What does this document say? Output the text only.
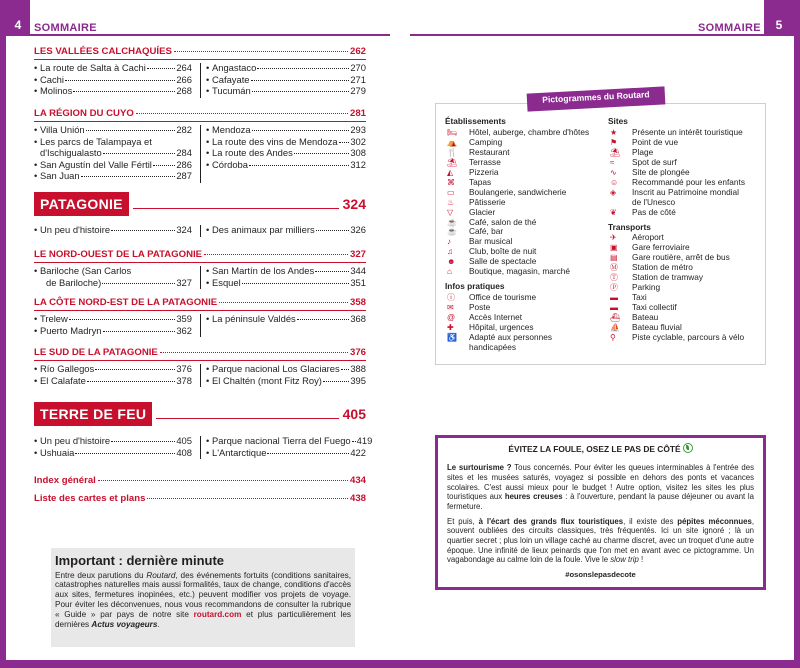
4	SOMMAIRE	SOMMAIRE	5
LES VALLÉES CALCHAQUÍES	262
• La route de Salta à Cachi	264
• Cachi	266
• Molinos	268
• Angastaco	270
• Cafayate	271
• Tucumán	279
LA RÉGION DU CUYO	281
• Villa Unión	282
• Les parcs de Talampaya et
d'Ischigualasto	284
• San Agustín del Valle Fértil	286
• San Juan	287
• Mendoza	293
• La route des vins de Mendoza 302
• La route des Andes	308
• Córdoba	312
PATAGONIE	324
• Un peu d'histoire	324 • Des animaux par milliers	326
LE NORD-OUEST DE LA PATAGONIE	327
• Bariloche (San Carlos
de Bariloche)	327
• San Martín de los Andes	344
• Esquel	351
LA CÔTE NORD-EST DE LA PATAGONIE	358
• Trelew	359
• Puerto Madryn	362
• La péninsule Valdés	368
LE SUD DE LA PATAGONIE	376
• Río Gallegos	376
• El Calafate	378
• Parque nacional Los Glaciares 388
• El Chaltén (mont Fitz Roy)	395
TERRE DE FEU	405
• Un peu d'histoire	405
• Ushuaia	408
• Parque nacional Tierra del Fuego 419
• L'Antarctique	422
Index général	434
Liste des cartes et plans	438
Important : dernière minute
Entre deux parutions du Routard, des événements fortuits (conditions sanitaires, catastrophes naturelles mais aussi formalités, taux de change, conditions d'accès aux sites, fermetures inopinées, etc.) peuvent modifier vos projets de voyage. Pour éviter les déconvenues, nous vous recommandons de consulter la rubrique « Guide » par pays de notre site routard.com et plus particulièrement les dernières Actus voyageurs.
Pictogrammes du Routard
Établissements
🛏	Hôtel, auberge, chambre d'hôtes
⛺	Camping
🍴	Restaurant
⛱	Terrasse
◭	Pizzeria
⌘	Tapas
▭	Boulangerie, sandwicherie
♨	Pâtisserie
▽	Glacier
☕	Café, salon de thé
☕	Café, bar
♪	Bar musical
♫	Club, boîte de nuit
☻	Salle de spectacle
⌂	Boutique, magasin, marché
Infos pratiques
ⓘ	Office de tourisme
✉	Poste
@	Accès Internet
✚	Hôpital, urgences
♿	Adapté aux personnes
handicapées
Sites
★	Présente un intérêt touristique
⚑	Point de vue
⛱	Plage
≈	Spot de surf
∿	Site de plongée
☺	Recommandé pour les enfants
◈	Inscrit au Patrimoine mondial
de l'Unesco
❦	Pas de côté
Transports
✈	Aéroport
▣	Gare ferroviaire
▤	Gare routière, arrêt de bus
Ⓜ	Station de métro
Ⓣ	Station de tramway
Ⓟ	Parking
▬	Taxi
▬	Taxi collectif
⛴	Bateau
⛵	Bateau fluvial
⚲	Piste cyclable, parcours à vélo
ÉVITEZ LA FOULE, OSEZ LE PAS DE CÔTÉ

Le surtourisme ? Tous concernés. Pour éviter les queues interminables à l'entrée des sites et les musées saturés, voyagez si possible en dehors des ponts et vacances scolaires. C'est aussi mieux pour le budget ! Autre option, visitez les sites les plus touristiques aux heures creuses : à l'ouverture, pendant la pause déjeuner ou avant la fermeture.

Et puis, à l'écart des grands flux touristiques, il existe des pépites méconnues, souvent oubliées des circuits classiques, très fréquentés. Ici un site ignoré ; là un quartier secret ; plus loin un village caché au charme discret, avec un troquet d'une autre époque. Une infinité de lieux peinards que l'on met en avant avec ce pictogramme. Un vagabondage au calme loin de la foule. Vive le slow trip !

#osonslepasdecote
